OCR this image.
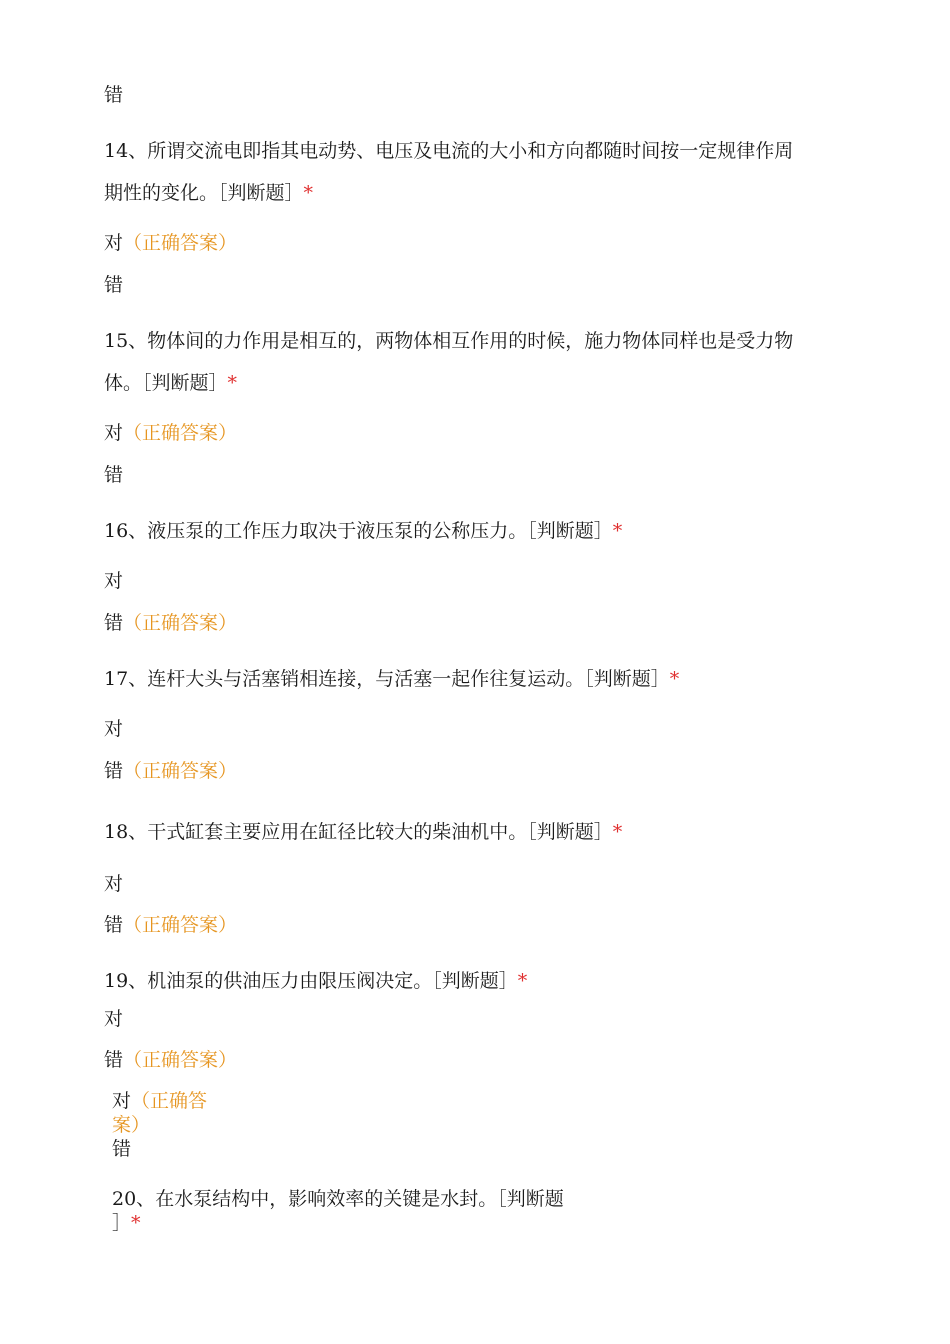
错
14、所谓交流电即指其电动势、电压及电流的大小和方向都随时间按一定规律作周
期性的变化。［判断题］*
对（正确答案）
错
15、物体间的力作用是相互的，两物体相互作用的时候，施力物体同样也是受力物
体。［判断题］*
对（正确答案）
错
16、液压泵的工作压力取决于液压泵的公称压力。［判断题］*
对
错（正确答案）
17、连杆大头与活塞销相连接，与活塞一起作往复运动。［判断题］*
对
错（正确答案）
18、干式缸套主要应用在缸径比较大的柴油机中。［判断题］*
对
错（正确答案）
19、机油泵的供油压力由限压阀决定。［判断题］*
对
错（正确答案）
对（正确答
案）
错
20、在水泵结构中，影响效率的关键是水封。［判断题
］*
